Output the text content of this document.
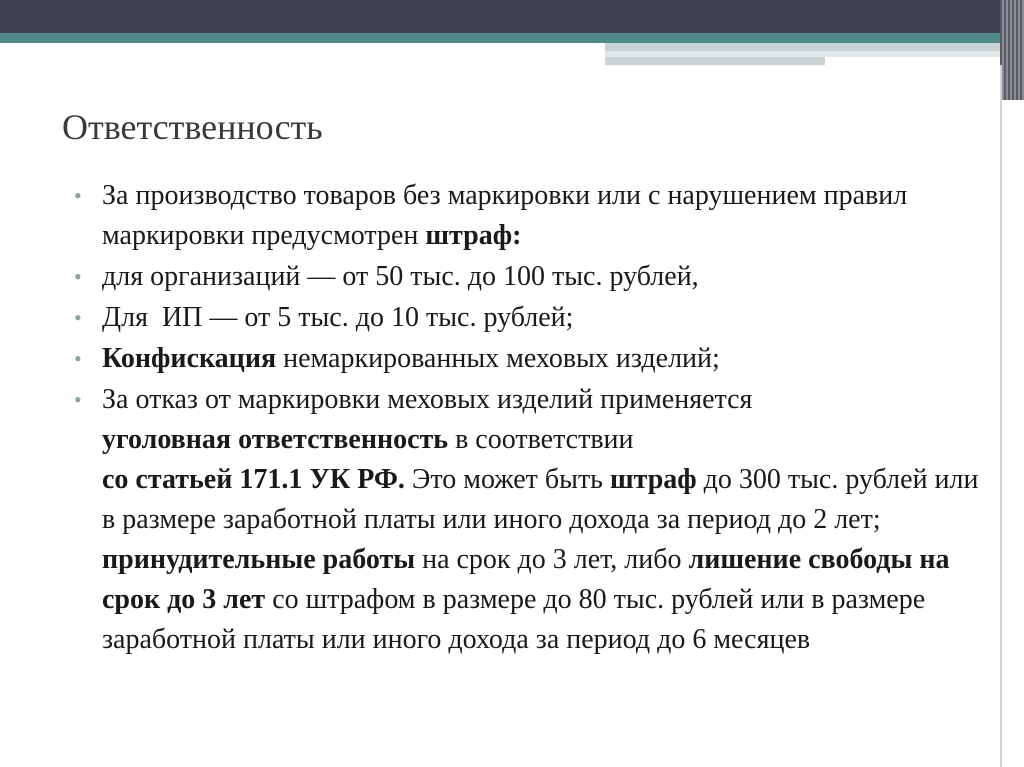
Ответственность
• За производство товаров без маркировки или с нарушением правил маркировки предусмотрен штраф:
• для организаций — от 50 тыс. до 100 тыс. рублей,
• Для  ИП — от 5 тыс. до 10 тыс. рублей;
• Конфискация немаркированных меховых изделий;
• За отказ от маркировки меховых изделий применяется
уголовная ответственность в соответствии
со статьей 171.1 УК РФ. Это может быть штраф до 300 тыс. рублей или в размере заработной платы или иного дохода за период до 2 лет; принудительные работы на срок до 3 лет, либо лишение свободы на срок до 3 лет со штрафом в размере до 80 тыс. рублей или в размере заработной платы или иного дохода за период до 6 месяцев
